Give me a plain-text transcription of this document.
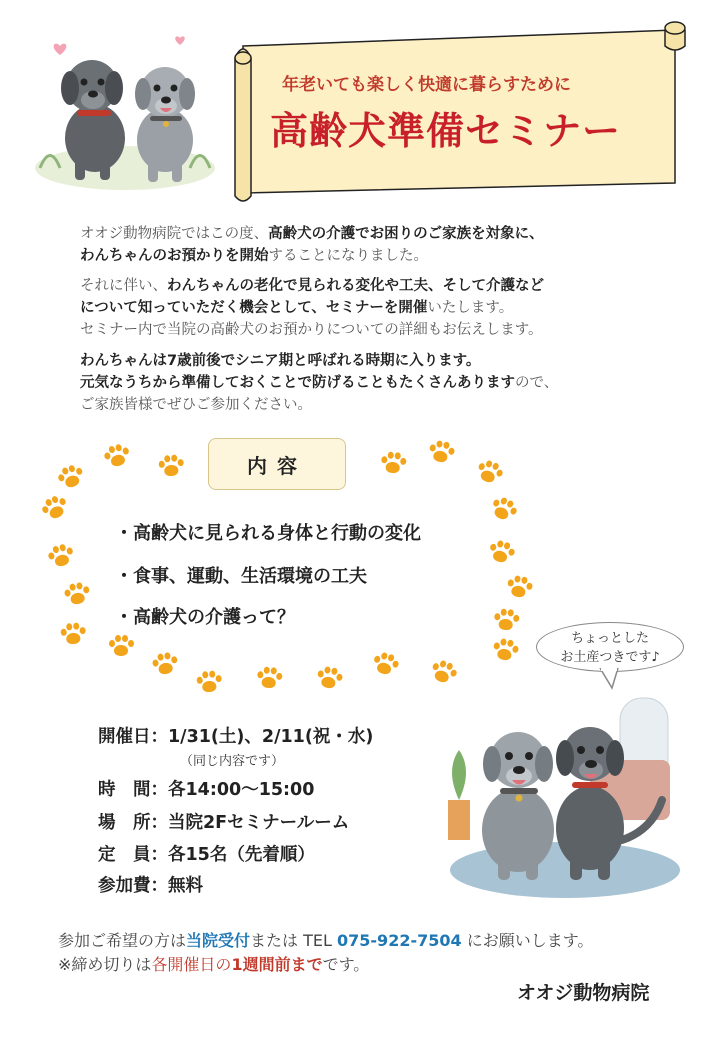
年老いても楽しく快適に暮らすために
高齢犬準備セミナー

オオジ動物病院ではこの度、高齢犬の介護でお困りのご家族を対象に、
わんちゃんのお預かりを開始することになりました。

それに伴い、わんちゃんの老化で見られる変化や工夫、そして介護など
について知っていただく機会として、セミナーを開催いたします。
セミナー内で当院の高齢犬のお預かりについての詳細もお伝えします。

わんちゃんは7歳前後でシニア期と呼ばれる時期に入ります。
元気なうちから準備しておくことで防げることもたくさんありますので、
ご家族皆様でぜひご参加ください。

内容
・高齢犬に見られる身体と行動の変化
・食事、運動、生活環境の工夫
・高齢犬の介護って？
ちょっとした
お土産つきです♪
開催日：1/31(土)、2/11(祝・水)
（同じ内容です）
時　間：各14:00～15:00
場　所：当院2Fセミナールーム
定　員：各15名（先着順）
参加費：無料
参加ご希望の方は当院受付または TEL 075-922-7504 にお願いします。
※締め切りは各開催日の1週間前までです。
オオジ動物病院
